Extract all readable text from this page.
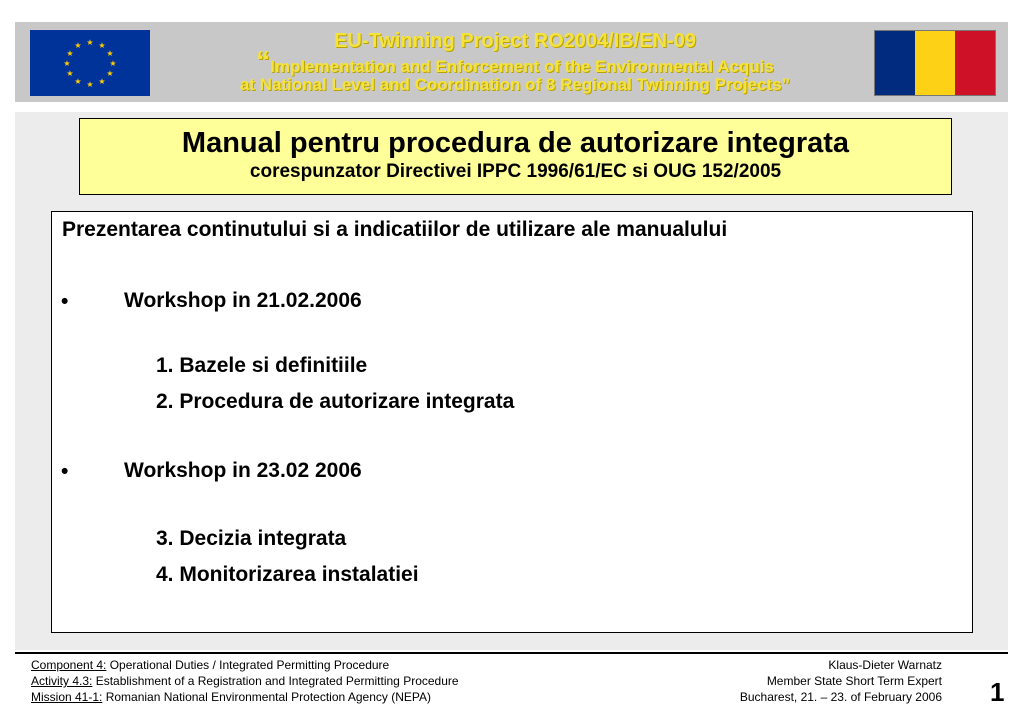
★ ★
★
★
★
★
★
★
★
★
★
★	EU-Twinning Project RO2004/IB/EN-09
“Implementation and Enforcement of the Environmental Acquis
at National Level and Coordination of 8 Regional Twinning Projects”
Manual pentru procedura de autorizare integrata
corespunzator Directivei IPPC 1996/61/EC si OUG 152/2005
Prezentarea continutului si a indicatiilor de utilizare ale manualului
•	Workshop in 21.02.2006
1. Bazele si definitiile
2. Procedura de autorizare integrata
•	Workshop in 23.02 2006
3. Decizia integrata
4. Monitorizarea instalatiei
Component 4: Operational Duties / Integrated Permitting Procedure
Activity 4.3: Establishment of a Registration and Integrated Permitting Procedure
Mission 41-1: Romanian National Environmental Protection Agency (NEPA)
Klaus-Dieter Warnatz
Member State Short Term Expert
Bucharest, 21. – 23. of February 2006 1
